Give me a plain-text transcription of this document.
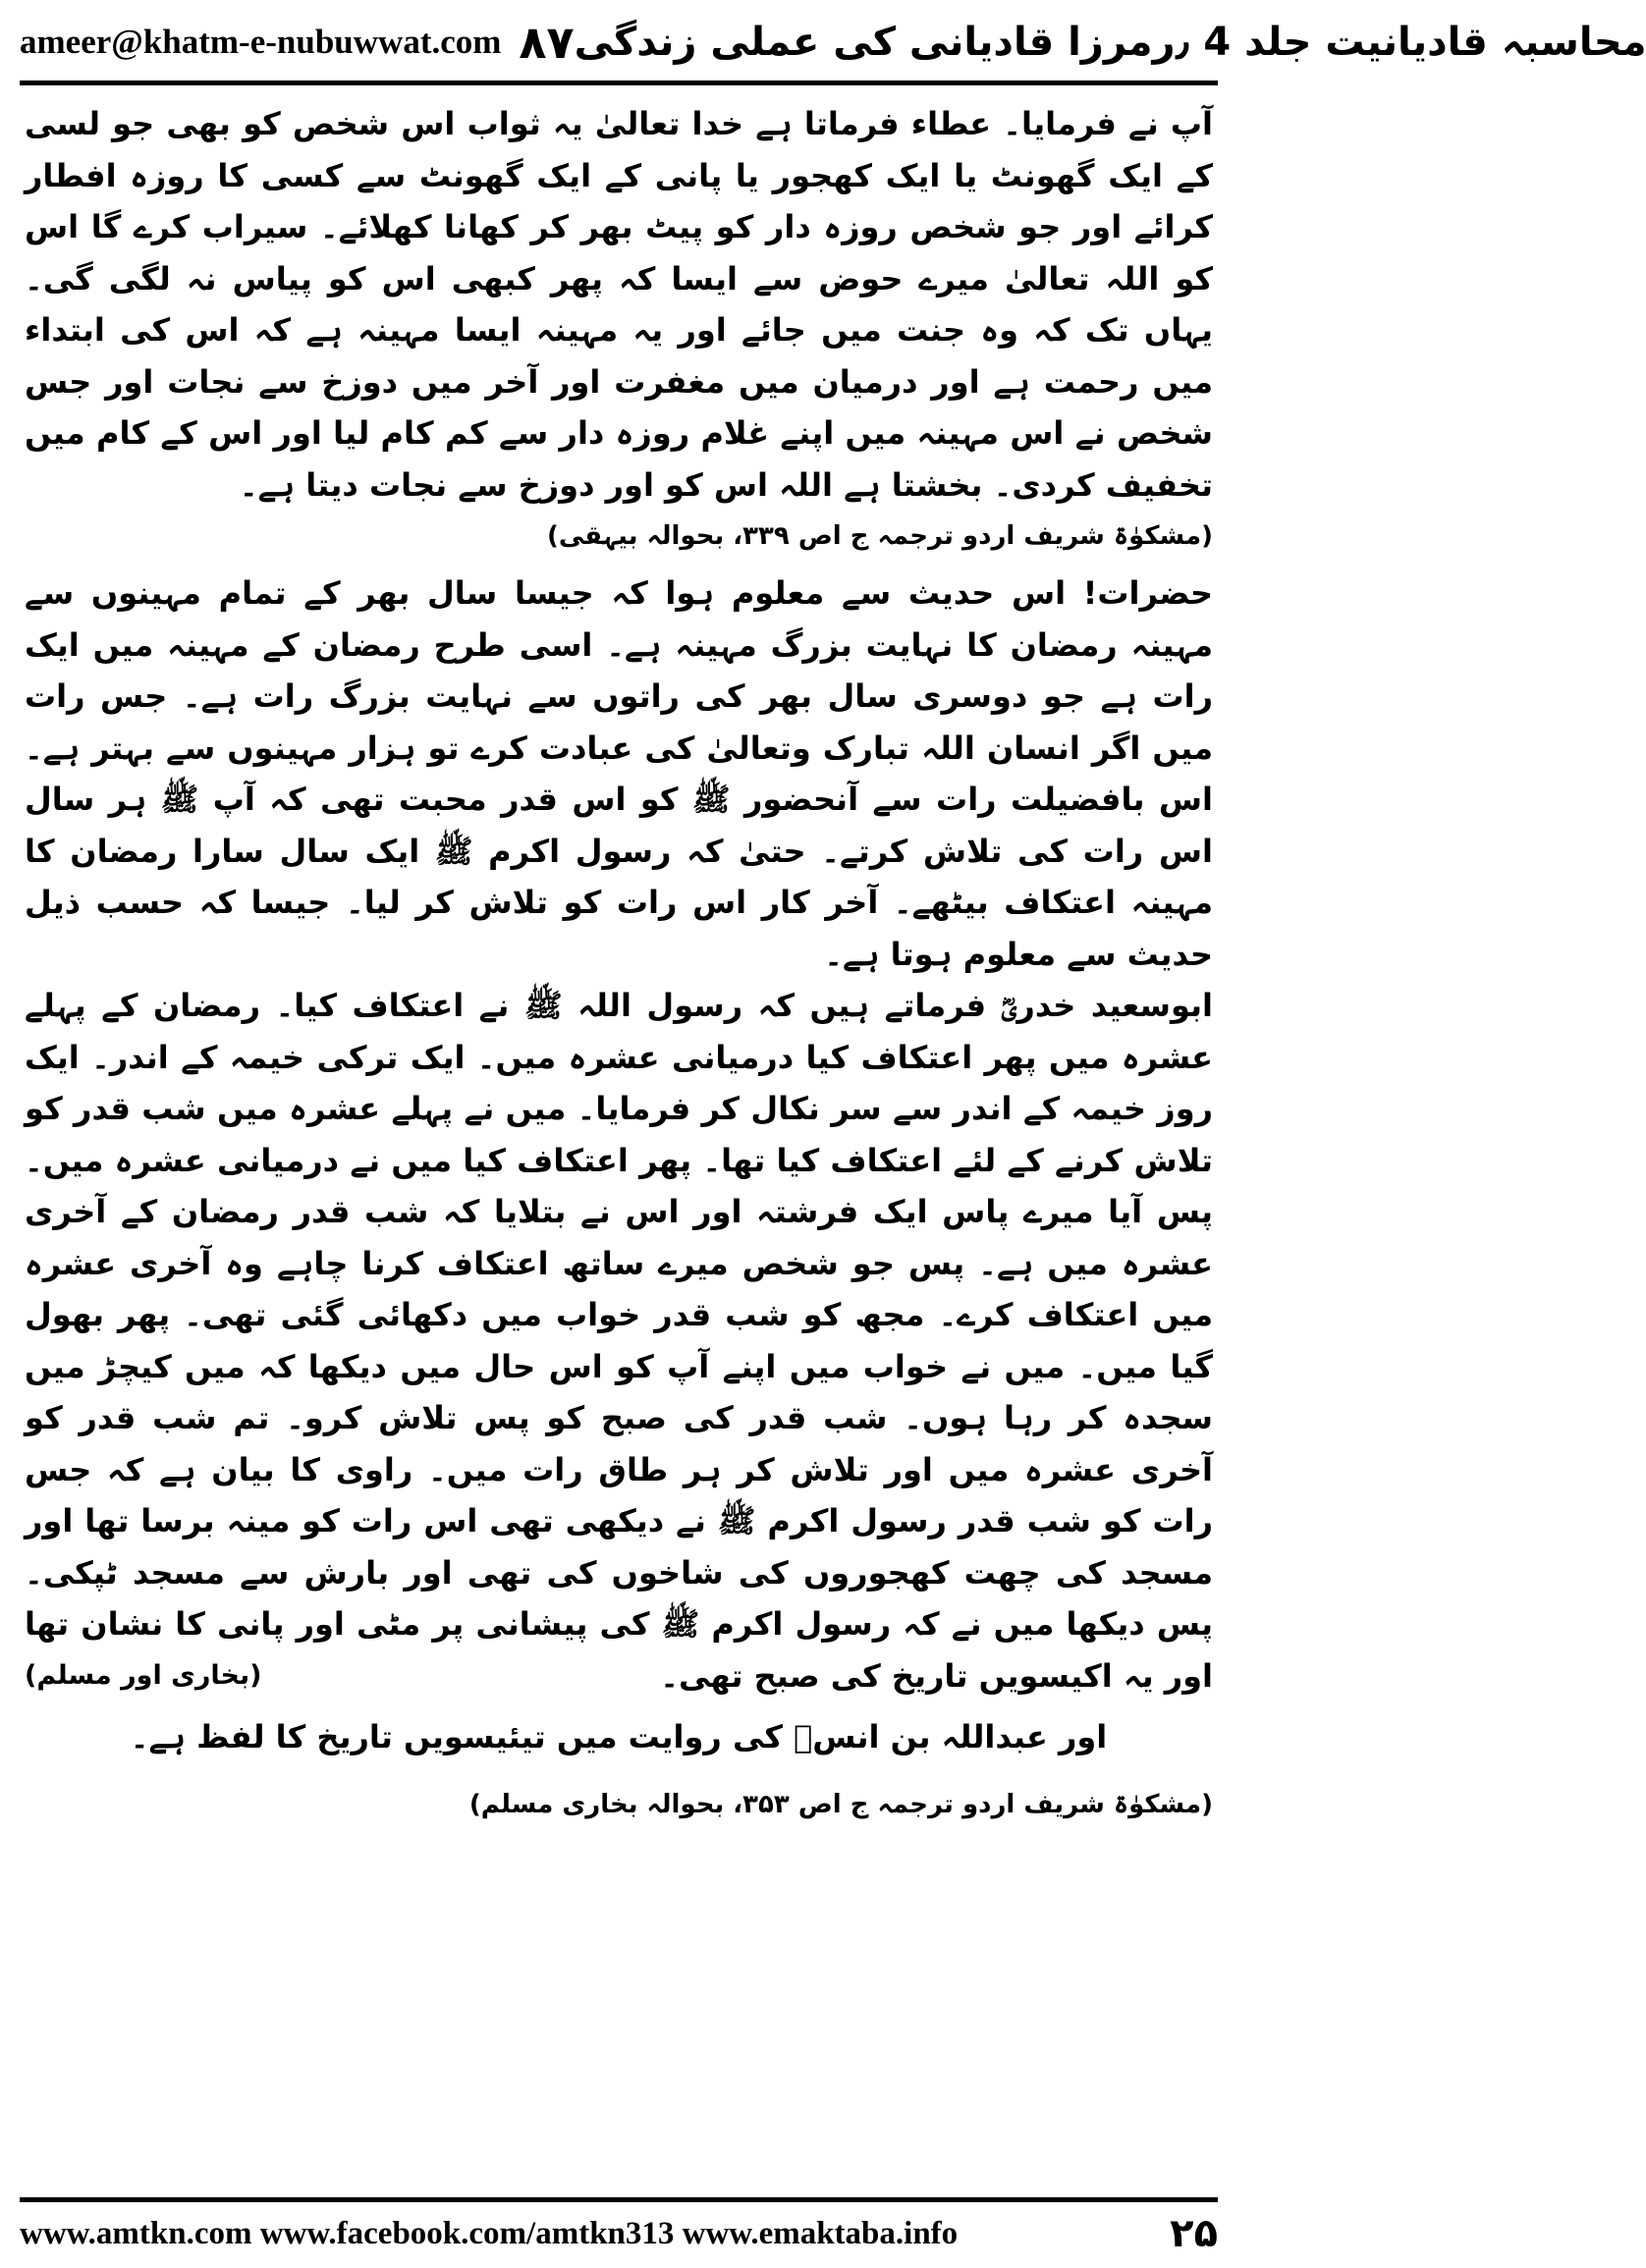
ameer@khatm-e-nubuwwat.com ۸۷ محاسبہ قادیانیت جلد 4 ٫رمرزا قادیانی کی عملی زندگی

آپ نے فرمایا۔ عطاء فرماتا ہے خدا تعالیٰ یہ ثواب اس شخص کو بھی جو لسی کے ایک گھونٹ یا ایک کھجور یا پانی کے ایک گھونٹ سے کسی کا روزہ افطار کرائے اور جو شخص روزہ دار کو پیٹ بھر کر کھانا کھلائے۔ سیراب کرے گا اس کو اللہ تعالیٰ میرے حوض سے ایسا کہ پھر کبھی اس کو پیاس نہ لگی گی۔ یہاں تک کہ وہ جنت میں جائے اور یہ مہینہ ایسا مہینہ ہے کہ اس کی ابتداء میں رحمت ہے اور درمیان میں مغفرت اور آخر میں دوزخ سے نجات اور جس شخص نے اس مہینہ میں اپنے غلام روزہ دار سے کم کام لیا اور اس کے کام میں تخفیف کردی۔ بخشتا ہے اللہ اس کو اور دوزخ سے نجات دیتا ہے۔

(مشکوٰۃ شریف اردو ترجمہ ج اص ۳۳۹، بحوالہ بیہقی)

حضرات! اس حدیث سے معلوم ہوا کہ جیسا سال بھر کے تمام مہینوں سے مہینہ رمضان کا نہایت بزرگ مہینہ ہے۔ اسی طرح رمضان کے مہینہ میں ایک رات ہے جو دوسری سال بھر کی راتوں سے نہایت بزرگ رات ہے۔ جس رات میں اگر انسان اللہ تبارک وتعالیٰ کی عبادت کرے تو ہزار مہینوں سے بہتر ہے۔ اس بافضیلت رات سے آنحضور ﷺ کو اس قدر محبت تھی کہ آپ ﷺ ہر سال اس رات کی تلاش کرتے۔ حتیٰ کہ رسول اکرم ﷺ ایک سال سارا رمضان کا مہینہ اعتکاف بیٹھے۔ آخر کار اس رات کو تلاش کر لیا۔ جیسا کہ حسب ذیل حدیث سے معلوم ہوتا ہے۔

ابوسعید خدریؓ فرماتے ہیں کہ رسول اللہ ﷺ نے اعتکاف کیا۔ رمضان کے پہلے عشرہ میں پھر اعتکاف کیا درمیانی عشرہ میں۔ ایک ترکی خیمہ کے اندر۔ ایک روز خیمہ کے اندر سے سر نکال کر فرمایا۔ میں نے پہلے عشرہ میں شب قدر کو تلاش کرنے کے لئے اعتکاف کیا تھا۔ پھر اعتکاف کیا میں نے درمیانی عشرہ میں۔ پس آیا میرے پاس ایک فرشتہ اور اس نے بتلایا کہ شب قدر رمضان کے آخری عشرہ میں ہے۔ پس جو شخص میرے ساتھ اعتکاف کرنا چاہے وہ آخری عشرہ میں اعتکاف کرے۔ مجھ کو شب قدر خواب میں دکھائی گئی تھی۔ پھر بھول گیا میں۔ میں نے خواب میں اپنے آپ کو اس حال میں دیکھا کہ میں کیچڑ میں سجدہ کر رہا ہوں۔ شب قدر کی صبح کو پس تلاش کرو۔ تم شب قدر کو آخری عشرہ میں اور تلاش کر ہر طاق رات میں۔ راوی کا بیان ہے کہ جس رات کو شب قدر رسول اکرم ﷺ نے دیکھی تھی اس رات کو مینہ برسا تھا اور مسجد کی چھت کھجوروں کی شاخوں کی تھی اور بارش سے مسجد ٹپکی۔ پس دیکھا میں نے کہ رسول اکرم ﷺ کی پیشانی پر مٹی اور پانی کا نشان تھا اور یہ اکیسویں تاریخ کی صبح تھی۔
(بخاری اور مسلم)

اور عبداللہ بن انسؓ کی روایت میں تیئیسویں تاریخ کا لفظ ہے۔

(مشکوٰۃ شریف اردو ترجمہ ج اص ۳۵۳، بحوالہ بخاری مسلم)

www.amtkn.com www.facebook.com/amtkn313 www.emaktaba.info	۲۵
